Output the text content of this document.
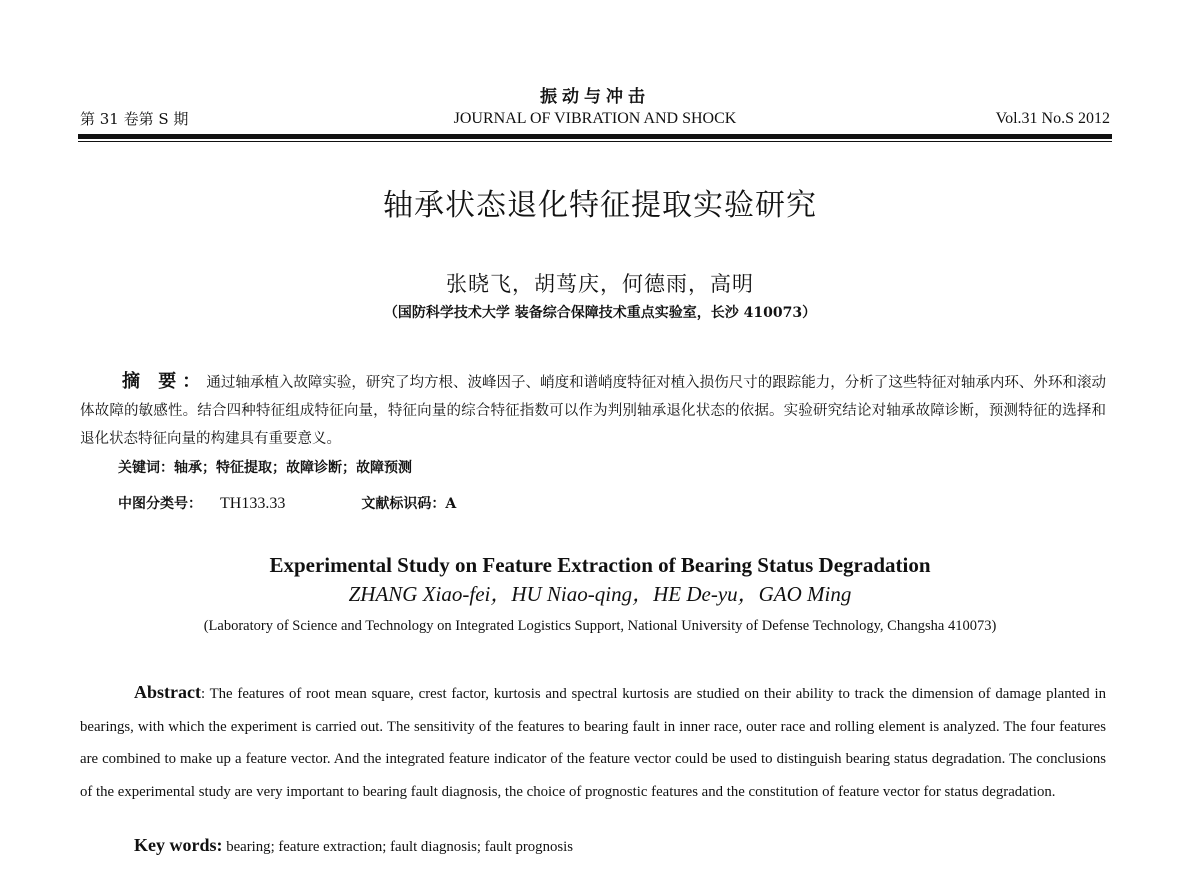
振动与冲击
JOURNAL OF VIBRATION AND SHOCK
第 31 卷第 S 期	Vol.31 No.S 2012
轴承状态退化特征提取实验研究
张晓飞，胡茑庆，何德雨，高明
（国防科学技术大学 装备综合保障技术重点实验室，长沙 410073）
摘 要：通过轴承植入故障实验，研究了均方根、波峰因子、峭度和谱峭度特征对植入损伤尺寸的跟踪能力，分析了这些特征对轴承内环、外环和滚动体故障的敏感性。结合四种特征组成特征向量，特征向量的综合特征指数可以作为判别轴承退化状态的依据。实验研究结论对轴承故障诊断，预测特征的选择和退化状态特征向量的构建具有重要意义。
关键词：轴承；特征提取；故障诊断；故障预测
中图分类号： TH133.33	文献标识码：A
Experimental Study on Feature Extraction of Bearing Status Degradation
ZHANG Xiao-fei，HU Niao-qing，HE De-yu，GAO Ming
(Laboratory of Science and Technology on Integrated Logistics Support, National University of Defense Technology, Changsha 410073)
Abstract: The features of root mean square, crest factor, kurtosis and spectral kurtosis are studied on their ability to track the dimension of damage planted in bearings, with which the experiment is carried out. The sensitivity of the features to bearing fault in inner race, outer race and rolling element is analyzed. The four features are combined to make up a feature vector. And the integrated feature indicator of the feature vector could be used to distinguish bearing status degradation. The conclusions of the experimental study are very important to bearing fault diagnosis, the choice of prognostic features and the constitution of feature vector for status degradation.
Key words: bearing; feature extraction; fault diagnosis; fault prognosis
